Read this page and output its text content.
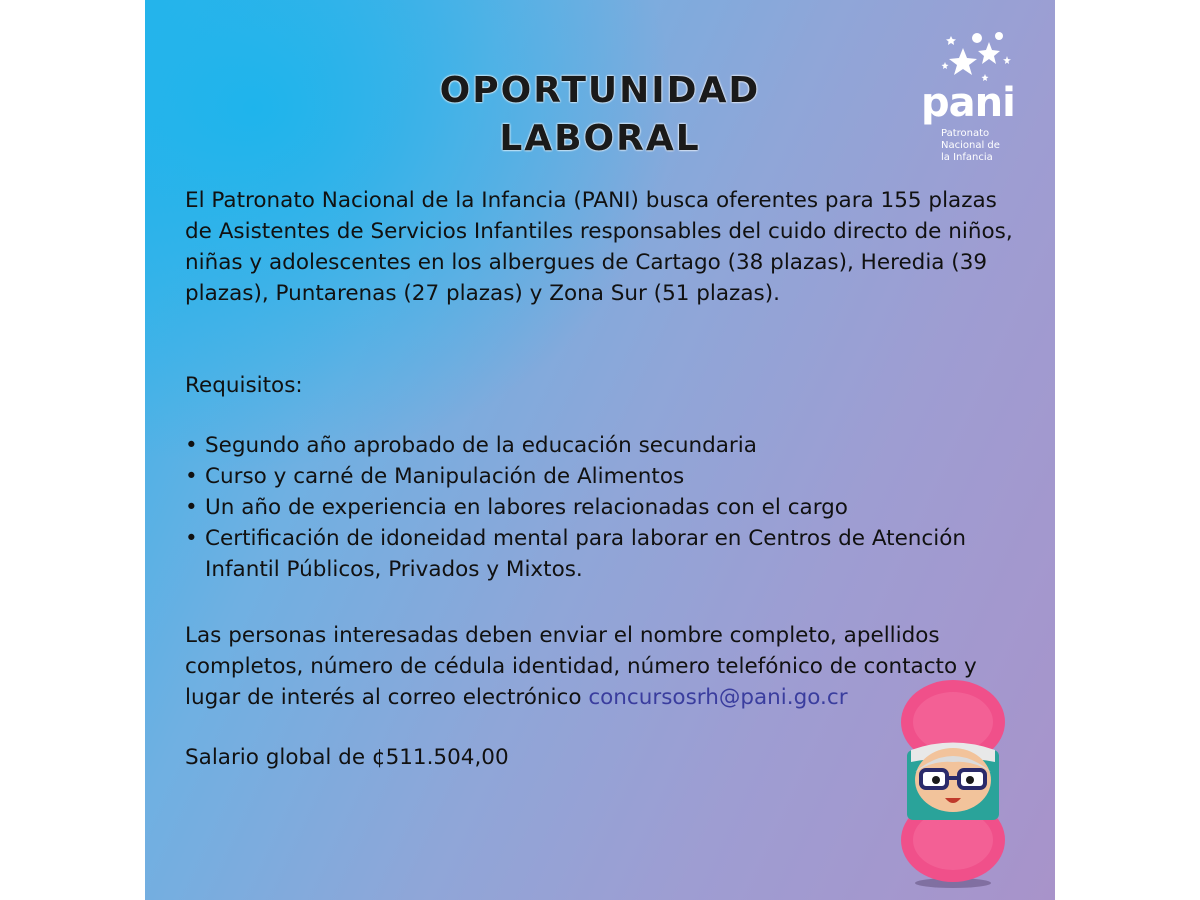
pani
Patronato
Nacional de
la Infancia
OPORTUNIDAD
LABORAL
El Patronato Nacional de la Infancia (PANI) busca oferentes para 155 plazas de Asistentes de Servicios Infantiles responsables del cuido directo de niños, niñas y adolescentes en los albergues de Cartago (38 plazas), Heredia (39 plazas), Puntarenas (27 plazas) y Zona Sur (51 plazas).
Requisitos:
• Segundo año aprobado de la educación secundaria
• Curso y carné de Manipulación de Alimentos
• Un año de experiencia en labores relacionadas con el cargo
• Certificación de idoneidad mental para laborar en Centros de Atención Infantil Públicos, Privados y Mixtos.
Las personas interesadas deben enviar el nombre completo, apellidos completos, número de cédula identidad, número telefónico de contacto y lugar de interés al correo electrónico concursosrh@pani.go.cr
Salario global de ¢511.504,00
